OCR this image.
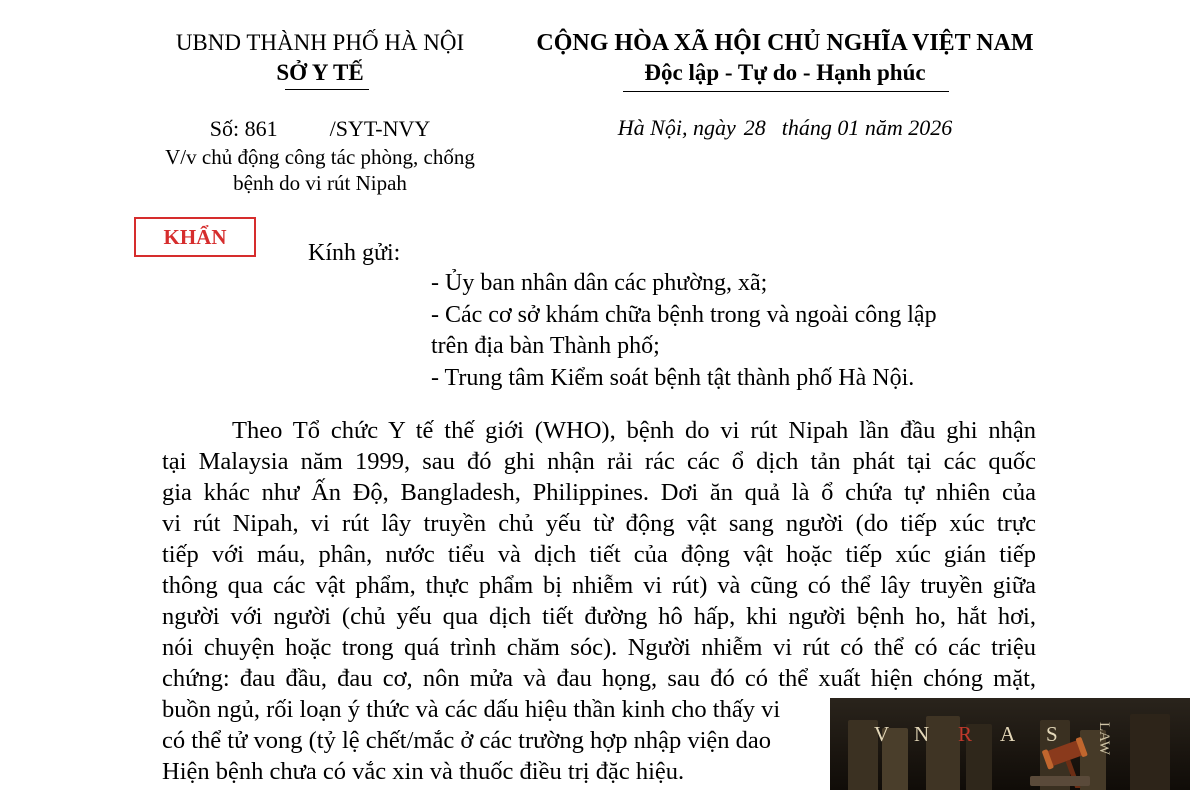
UBND THÀNH PHỐ HÀ NỘI
SỞ Y TẾ
CỘNG HÒA XÃ HỘI CHỦ NGHĨA VIỆT NAM
Độc lập - Tự do - Hạnh phúc
Số: 861 /SYT-NVY
V/v chủ động công tác phòng, chống
bệnh do vi rút Nipah
Hà Nội, ngày 28 tháng 01 năm 2026
KHẨN
Kính gửi:
- Ủy ban nhân dân các phường, xã;
- Các cơ sở khám chữa bệnh trong và ngoài công lập
trên địa bàn Thành phố;
- Trung tâm Kiểm soát bệnh tật thành phố Hà Nội.
Theo Tổ chức Y tế thế giới (WHO), bệnh do vi rút Nipah lần đầu ghi nhận
tại Malaysia năm 1999, sau đó ghi nhận rải rác các ổ dịch tản phát tại các quốc
gia khác như Ấn Độ, Bangladesh, Philippines. Dơi ăn quả là ổ chứa tự nhiên của
vi rút Nipah, vi rút lây truyền chủ yếu từ động vật sang người (do tiếp xúc trực
tiếp với máu, phân, nước tiểu và dịch tiết của động vật hoặc tiếp xúc gián tiếp
thông qua các vật phẩm, thực phẩm bị nhiễm vi rút) và cũng có thể lây truyền giữa
người với người (chủ yếu qua dịch tiết đường hô hấp, khi người bệnh ho, hắt hơi,
nói chuyện hoặc trong quá trình chăm sóc). Người nhiễm vi rút có thể có các triệu
chứng: đau đầu, đau cơ, nôn mửa và đau họng, sau đó có thể xuất hiện chóng mặt,
buồn ngủ, rối loạn ý thức và các dấu hiệu thần kinh cho thấy vi
có thể tử vong (tỷ lệ chết/mắc ở các trường hợp nhập viện dao
Hiện bệnh chưa có vắc xin và thuốc điều trị đặc hiệu.
V N R A S LAW
